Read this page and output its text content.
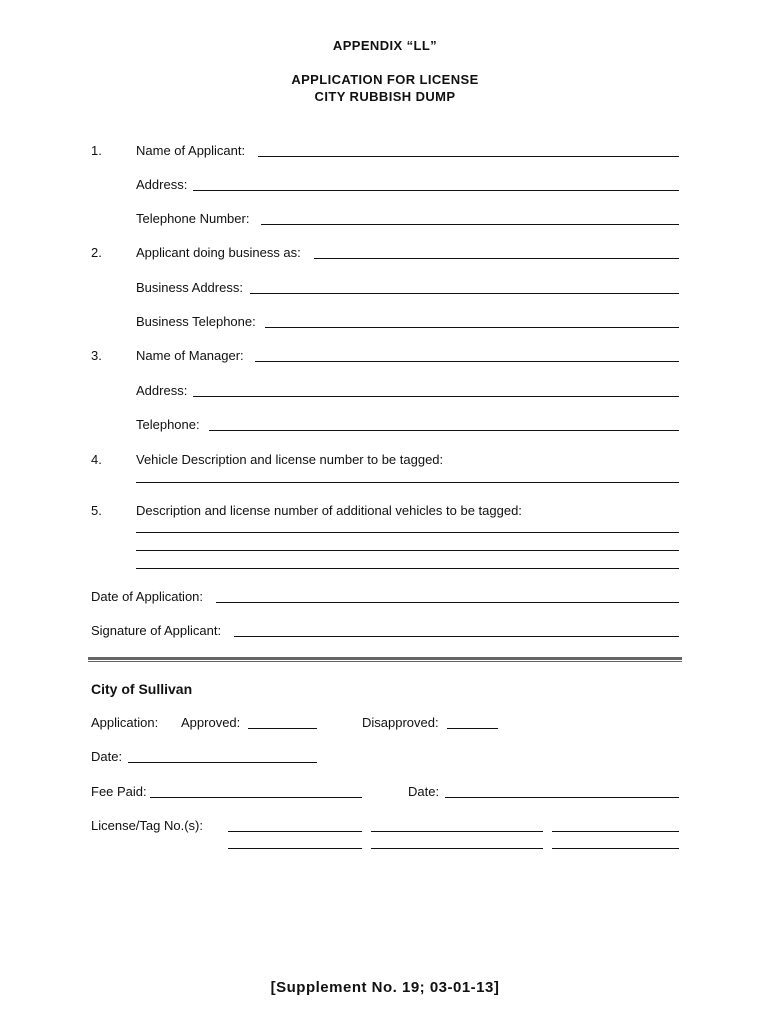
APPENDIX “LL”
APPLICATION FOR LICENSE
CITY RUBBISH DUMP
1.	Name of Applicant:
Address:
Telephone Number:
2.	Applicant doing business as:
Business Address:
Business Telephone:
3.	Name of Manager:
Address:
Telephone:
4.	Vehicle Description and license number to be tagged:
5.	Description and license number of additional vehicles to be tagged:
Date of Application:
Signature of Applicant:
City of Sullivan
Application: Approved:	Disapproved:
Date:
Fee Paid:	Date:
License/Tag No.(s):
[Supplement No. 19; 03-01-13]
